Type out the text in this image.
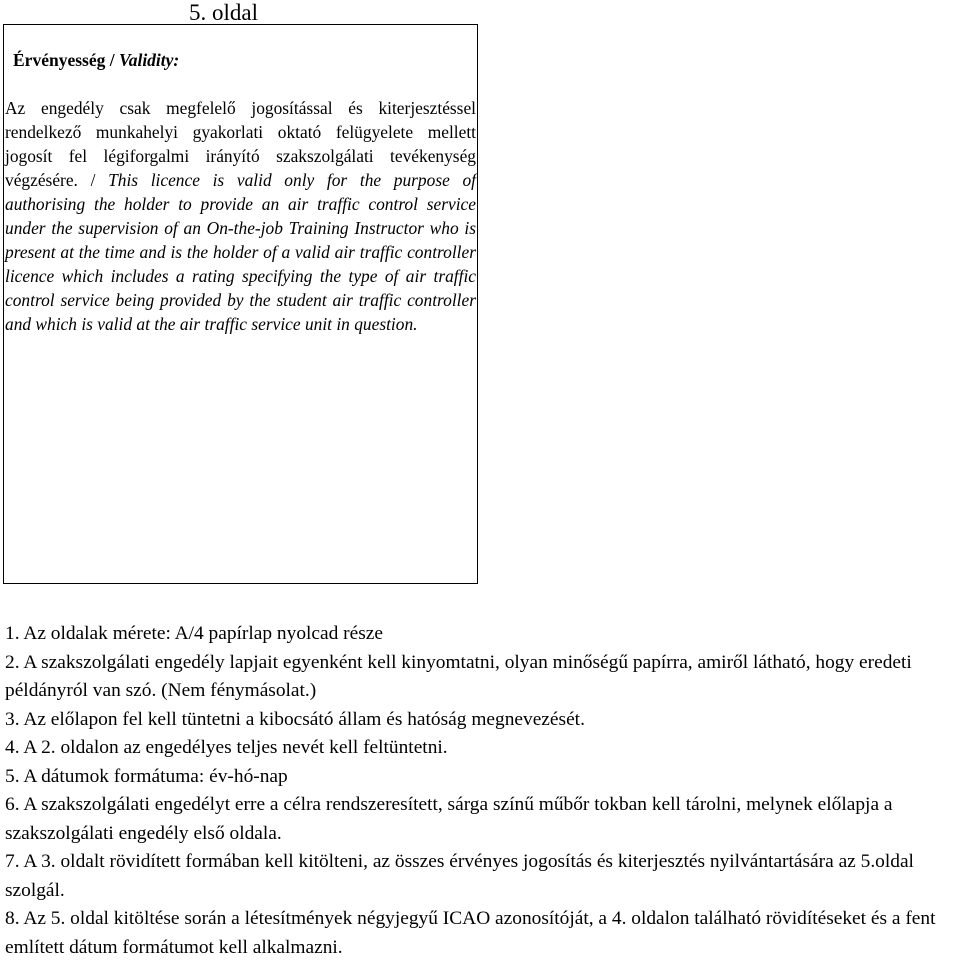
5. oldal
Érvényesség / Validity:
Az engedély csak megfelelő jogosítással és kiterjesztéssel rendelkező munkahelyi gyakorlati oktató felügyelete mellett jogosít fel légiforgalmi irányító szakszolgálati tevékenység végzésére. / This licence is valid only for the purpose of authorising the holder to provide an air traffic control service under the supervision of an On-the-job Training Instructor who is present at the time and is the holder of a valid air traffic controller licence which includes a rating specifying the type of air traffic control service being provided by the student air traffic controller and which is valid at the air traffic service unit in question.
1. Az oldalak mérete: A/4 papírlap nyolcad része
2. A szakszolgálati engedély lapjait egyenként kell kinyomtatni, olyan minőségű papírra, amiről látható, hogy eredeti példányról van szó. (Nem fénymásolat.)
3. Az előlapon fel kell tüntetni a kibocsátó állam és hatóság megnevezését.
4. A 2. oldalon az engedélyes teljes nevét kell feltüntetni.
5. A dátumok formátuma: év-hó-nap
6. A szakszolgálati engedélyt erre a célra rendszeresített, sárga színű műbőr tokban kell tárolni, melynek előlapja a szakszolgálati engedély első oldala.
7. A 3. oldalt rövidített formában kell kitölteni, az összes érvényes jogosítás és kiterjesztés nyilvántartására az 5.oldal szolgál.
8. Az 5. oldal kitöltése során a létesítmények négyjegyű ICAO azonosítóját, a 4. oldalon található rövidítéseket és a fent említett dátum formátumot kell alkalmazni.
